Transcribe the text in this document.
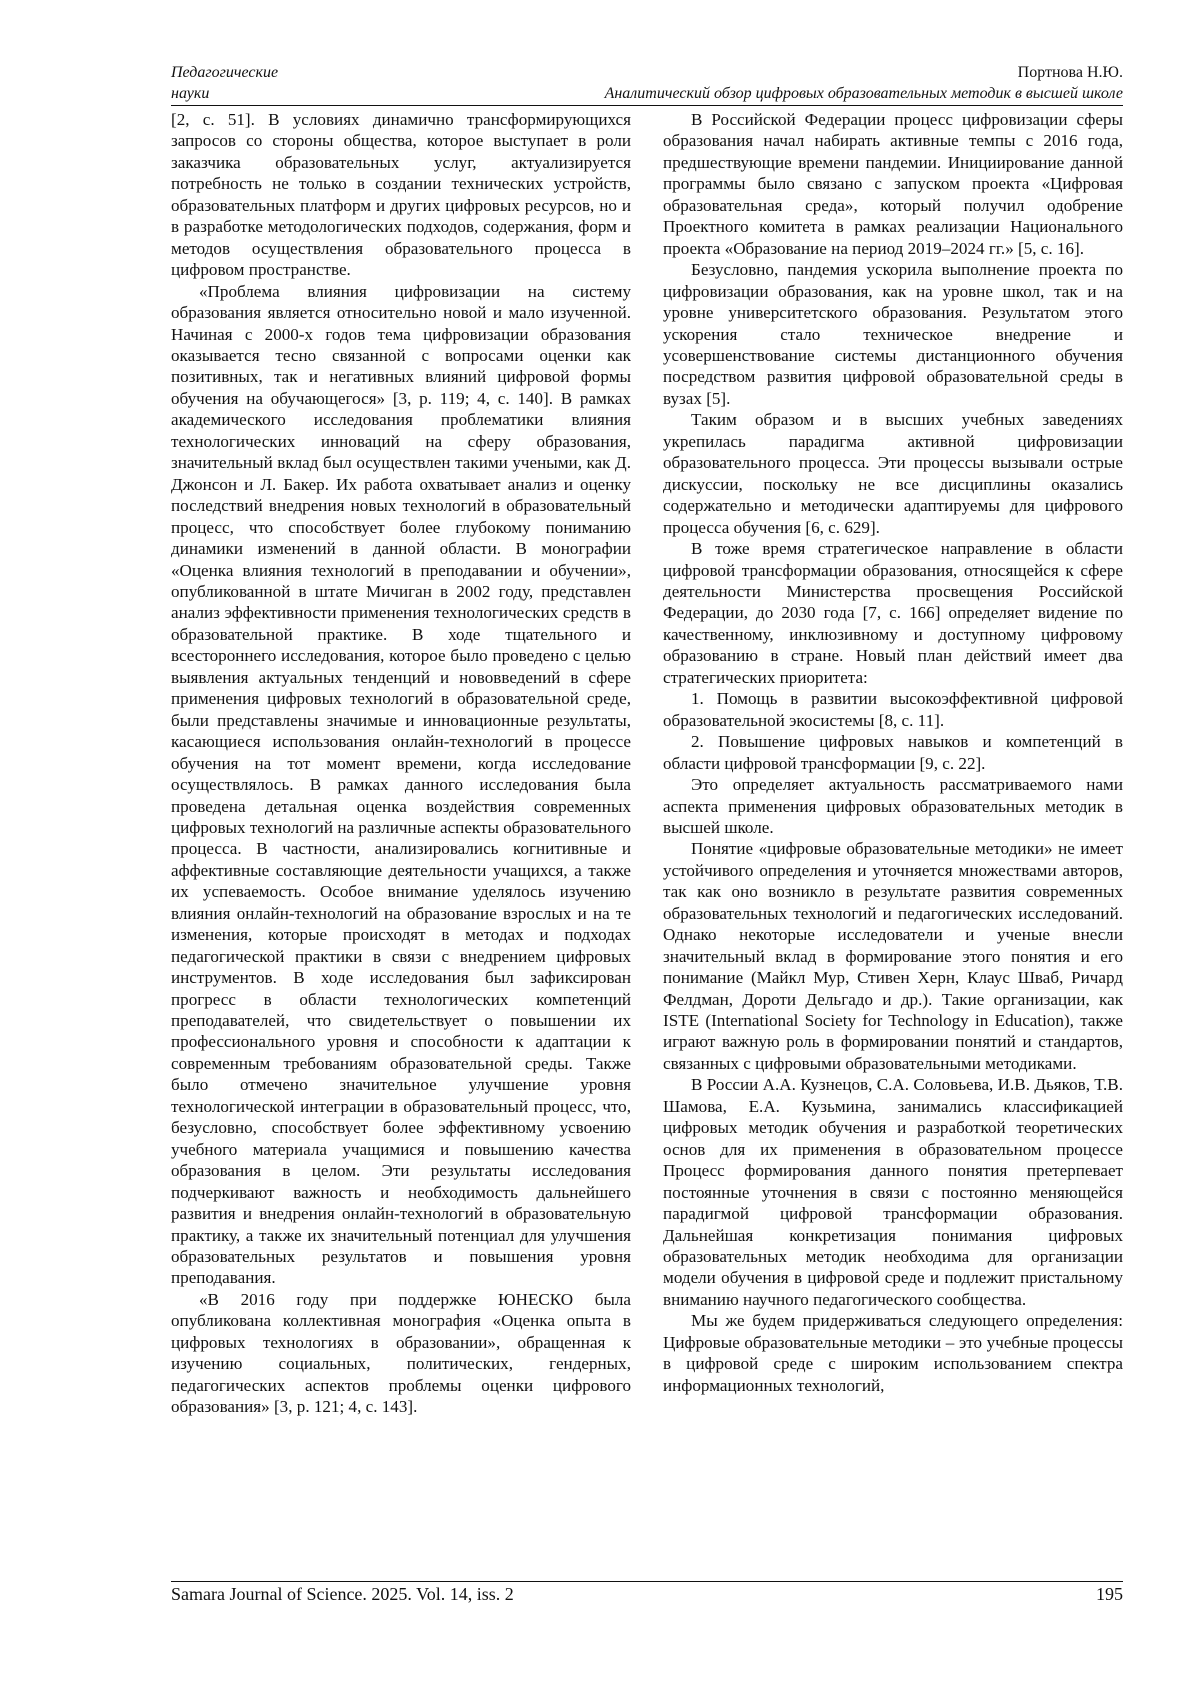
Педагогические
науки
Портнова Н.Ю.
Аналитический обзор цифровых образовательных методик в высшей школе

[2, с. 51]. В условиях динамично трансформирующихся запросов со стороны общества, которое выступает в роли заказчика образовательных услуг, актуализируется потребность не только в создании технических устройств, образовательных платформ и других цифровых ресурсов, но и в разработке методологических подходов, содержания, форм и методов осуществления образовательного процесса в цифровом пространстве.

«Проблема влияния цифровизации на систему образования является относительно новой и мало изученной. Начиная с 2000-х годов тема цифровизации образования оказывается тесно связанной с вопросами оценки как позитивных, так и негативных влияний цифровой формы обучения на обучающегося» [3, p. 119; 4, с. 140]. В рамках академического исследования проблематики влияния технологических инноваций на сферу образования, значительный вклад был осуществлен такими учеными, как Д. Джонсон и Л. Бакер. Их работа охватывает анализ и оценку последствий внедрения новых технологий в образовательный процесс, что способствует более глубокому пониманию динамики изменений в данной области. В монографии «Оценка влияния технологий в преподавании и обучении», опубликованной в штате Мичиган в 2002 году, представлен анализ эффективности применения технологических средств в образовательной практике. В ходе тщательного и всестороннего исследования, которое было проведено с целью выявления актуальных тенденций и нововведений в сфере применения цифровых технологий в образовательной среде, были представлены значимые и инновационные результаты, касающиеся использования онлайн-технологий в процессе обучения на тот момент времени, когда исследование осуществлялось. В рамках данного исследования была проведена детальная оценка воздействия современных цифровых технологий на различные аспекты образовательного процесса. В частности, анализировались когнитивные и аффективные составляющие деятельности учащихся, а также их успеваемость. Особое внимание уделялось изучению влияния онлайн-технологий на образование взрослых и на те изменения, которые происходят в методах и подходах педагогической практики в связи с внедрением цифровых инструментов. В ходе исследования был зафиксирован прогресс в области технологических компетенций преподавателей, что свидетельствует о повышении их профессионального уровня и способности к адаптации к современным требованиям образовательной среды. Также было отмечено значительное улучшение уровня технологической интеграции в образовательный процесс, что, безусловно, способствует более эффективному усвоению учебного материала учащимися и повышению качества образования в целом. Эти результаты исследования подчеркивают важность и необходимость дальнейшего развития и внедрения онлайн-технологий в образовательную практику, а также их значительный потенциал для улучшения образовательных результатов и повышения уровня преподавания.

«В 2016 году при поддержке ЮНЕСКО была опубликована коллективная монография «Оценка опыта в цифровых технологиях в образовании», обращенная к изучению социальных, политических, гендерных, педагогических аспектов проблемы оценки цифрового образования» [3, p. 121; 4, с. 143].

В Российской Федерации процесс цифровизации сферы образования начал набирать активные темпы с 2016 года, предшествующие времени пандемии. Инициирование данной программы было связано с запуском проекта «Цифровая образовательная среда», который получил одобрение Проектного комитета в рамках реализации Национального проекта «Образование на период 2019–2024 гг.» [5, с. 16].

Безусловно, пандемия ускорила выполнение проекта по цифровизации образования, как на уровне школ, так и на уровне университетского образования. Результатом этого ускорения стало техническое внедрение и усовершенствование системы дистанционного обучения посредством развития цифровой образовательной среды в вузах [5].

Таким образом и в высших учебных заведениях укрепилась парадигма активной цифровизации образовательного процесса. Эти процессы вызывали острые дискуссии, поскольку не все дисциплины оказались содержательно и методически адаптируемы для цифрового процесса обучения [6, с. 629].

В тоже время стратегическое направление в области цифровой трансформации образования, относящейся к сфере деятельности Министерства просвещения Российской Федерации, до 2030 года [7, с. 166] определяет видение по качественному, инклюзивному и доступному цифровому образованию в стране. Новый план действий имеет два стратегических приоритета:

1. Помощь в развитии высокоэффективной цифровой образовательной экосистемы [8, с. 11].

2. Повышение цифровых навыков и компетенций в области цифровой трансформации [9, с. 22].

Это определяет актуальность рассматриваемого нами аспекта применения цифровых образовательных методик в высшей школе.

Понятие «цифровые образовательные методики» не имеет устойчивого определения и уточняется множествами авторов, так как оно возникло в результате развития современных образовательных технологий и педагогических исследований. Однако некоторые исследователи и ученые внесли значительный вклад в формирование этого понятия и его понимание (Майкл Мур, Стивен Херн, Клаус Шваб, Ричард Фелдман, Дороти Дельгадо и др.). Такие организации, как ISTE (International Society for Technology in Education), также играют важную роль в формировании понятий и стандартов, связанных с цифровыми образовательными методиками.

В России А.А. Кузнецов, С.А. Соловьева, И.В. Дьяков, Т.В. Шамова, Е.А. Кузьмина, занимались классификацией цифровых методик обучения и разработкой теоретических основ для их применения в образовательном процессе Процесс формирования данного понятия претерпевает постоянные уточнения в связи с постоянно меняющейся парадигмой цифровой трансформации образования. Дальнейшая конкретизация понимания цифровых образовательных методик необходима для организации модели обучения в цифровой среде и подлежит пристальному вниманию научного педагогического сообщества.

Мы же будем придерживаться следующего определения: Цифровые образовательные методики – это учебные процессы в цифровой среде с широким использованием спектра информационных технологий,

Samara Journal of Science. 2025. Vol. 14, iss. 2	195
